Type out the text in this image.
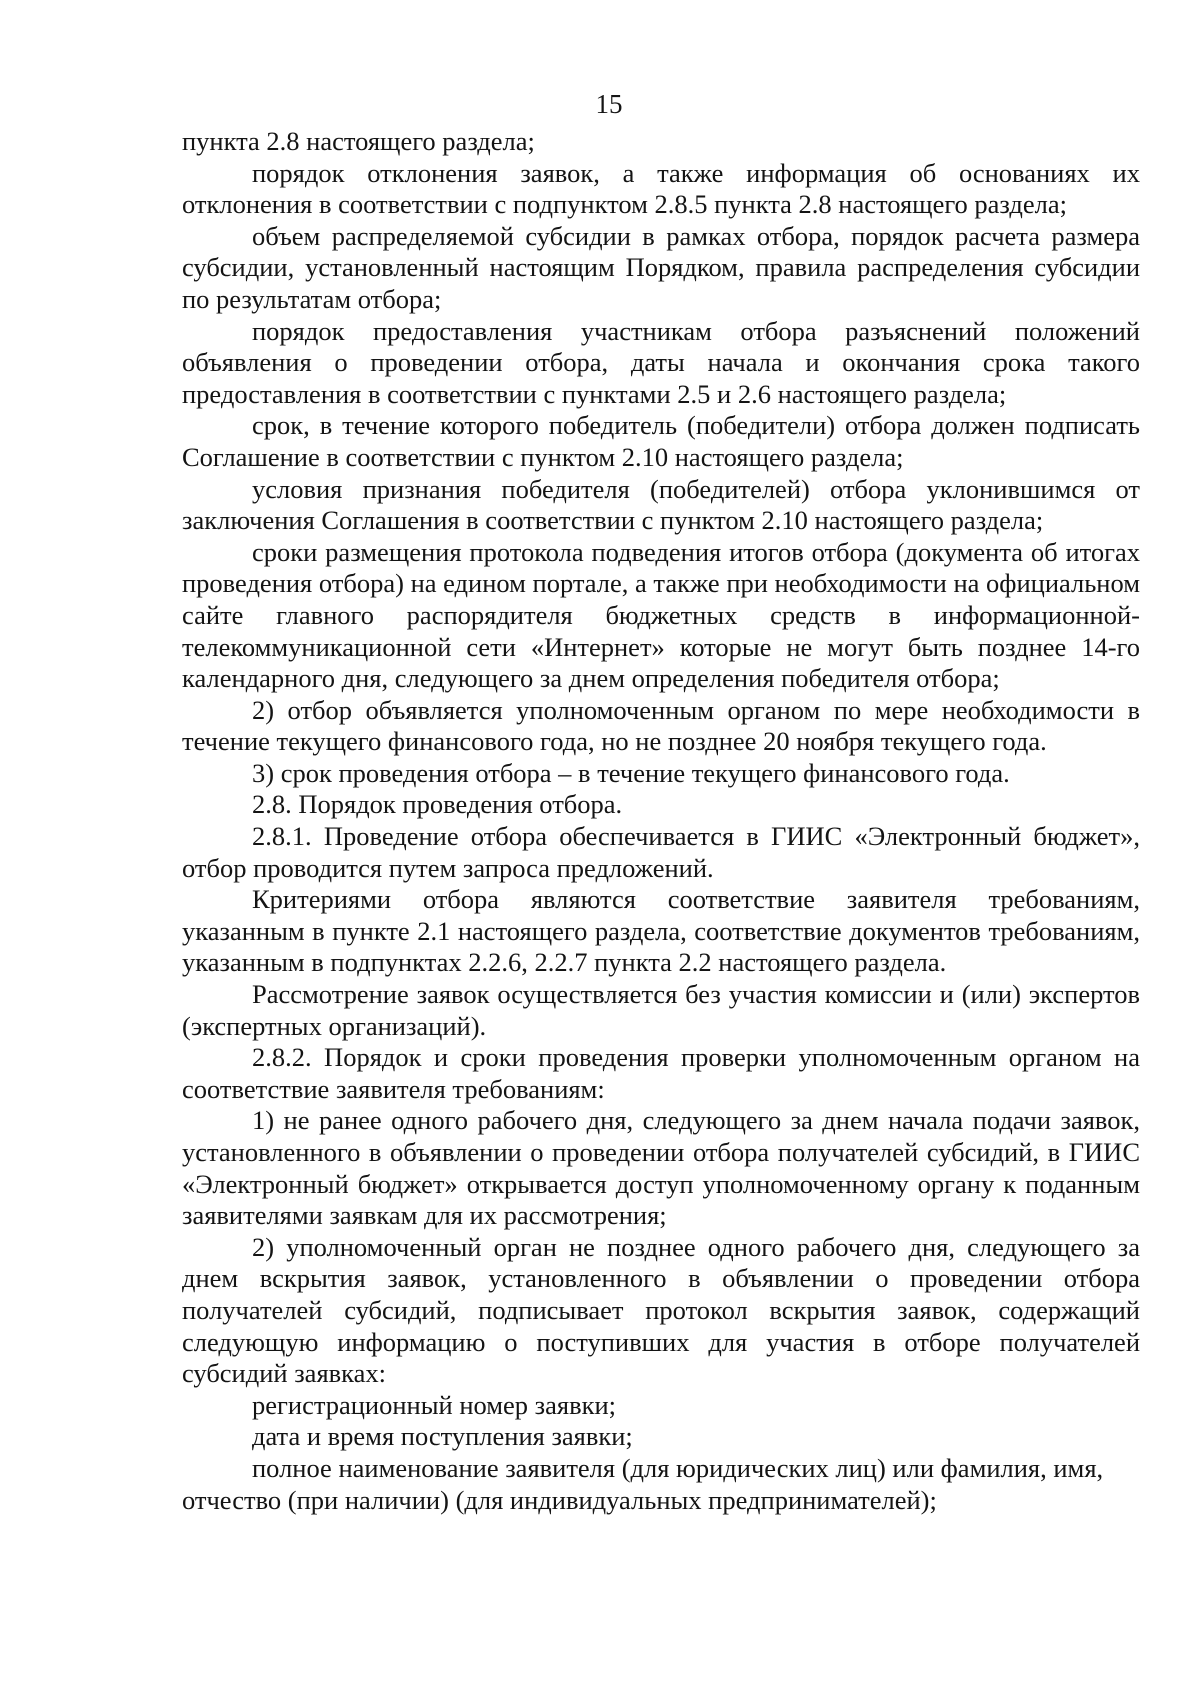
15

пункта 2.8 настоящего раздела;

порядок отклонения заявок, а также информация об основаниях их отклонения в соответствии с подпунктом 2.8.5 пункта 2.8 настоящего раздела;

объем распределяемой субсидии в рамках отбора, порядок расчета размера субсидии, установленный настоящим Порядком, правила распределения субсидии по результатам отбора;

порядок предоставления участникам отбора разъяснений положений объявления о проведении отбора, даты начала и окончания срока такого предоставления в соответствии с пунктами 2.5 и 2.6 настоящего раздела;

срок, в течение которого победитель (победители) отбора должен подписать Соглашение в соответствии с пунктом 2.10 настоящего раздела;

условия признания победителя (победителей) отбора уклонившимся от заключения Соглашения в соответствии с пунктом 2.10 настоящего раздела;

сроки размещения протокола подведения итогов отбора (документа об итогах проведения отбора) на едином портале, а также при необходимости на официальном сайте главного распорядителя бюджетных средств в информационной-телекоммуникационной сети «Интернет» которые не могут быть позднее 14-го календарного дня, следующего за днем определения победителя отбора;

2) отбор объявляется уполномоченным органом по мере необходимости в течение текущего финансового года, но не позднее 20 ноября текущего года.

3) срок проведения отбора – в течение текущего финансового года.

2.8. Порядок проведения отбора.

2.8.1. Проведение отбора обеспечивается в ГИИС «Электронный бюджет», отбор проводится путем запроса предложений.

Критериями отбора являются соответствие заявителя требованиям, указанным в пункте 2.1 настоящего раздела, соответствие документов требованиям, указанным в подпунктах 2.2.6, 2.2.7 пункта 2.2 настоящего раздела.

Рассмотрение заявок осуществляется без участия комиссии и (или) экспертов (экспертных организаций).

2.8.2. Порядок и сроки проведения проверки уполномоченным органом на соответствие заявителя требованиям:

1) не ранее одного рабочего дня, следующего за днем начала подачи заявок, установленного в объявлении о проведении отбора получателей субсидий, в ГИИС «Электронный бюджет» открывается доступ уполномоченному органу к поданным заявителями заявкам для их рассмотрения;

2) уполномоченный орган не позднее одного рабочего дня, следующего за днем вскрытия заявок, установленного в объявлении о проведении отбора получателей субсидий, подписывает протокол вскрытия заявок, содержащий следующую информацию о поступивших для участия в отборе получателей субсидий заявках:

регистрационный номер заявки;

дата и время поступления заявки;

полное наименование заявителя (для юридических лиц) или фамилия, имя, отчество (при наличии) (для индивидуальных предпринимателей);
